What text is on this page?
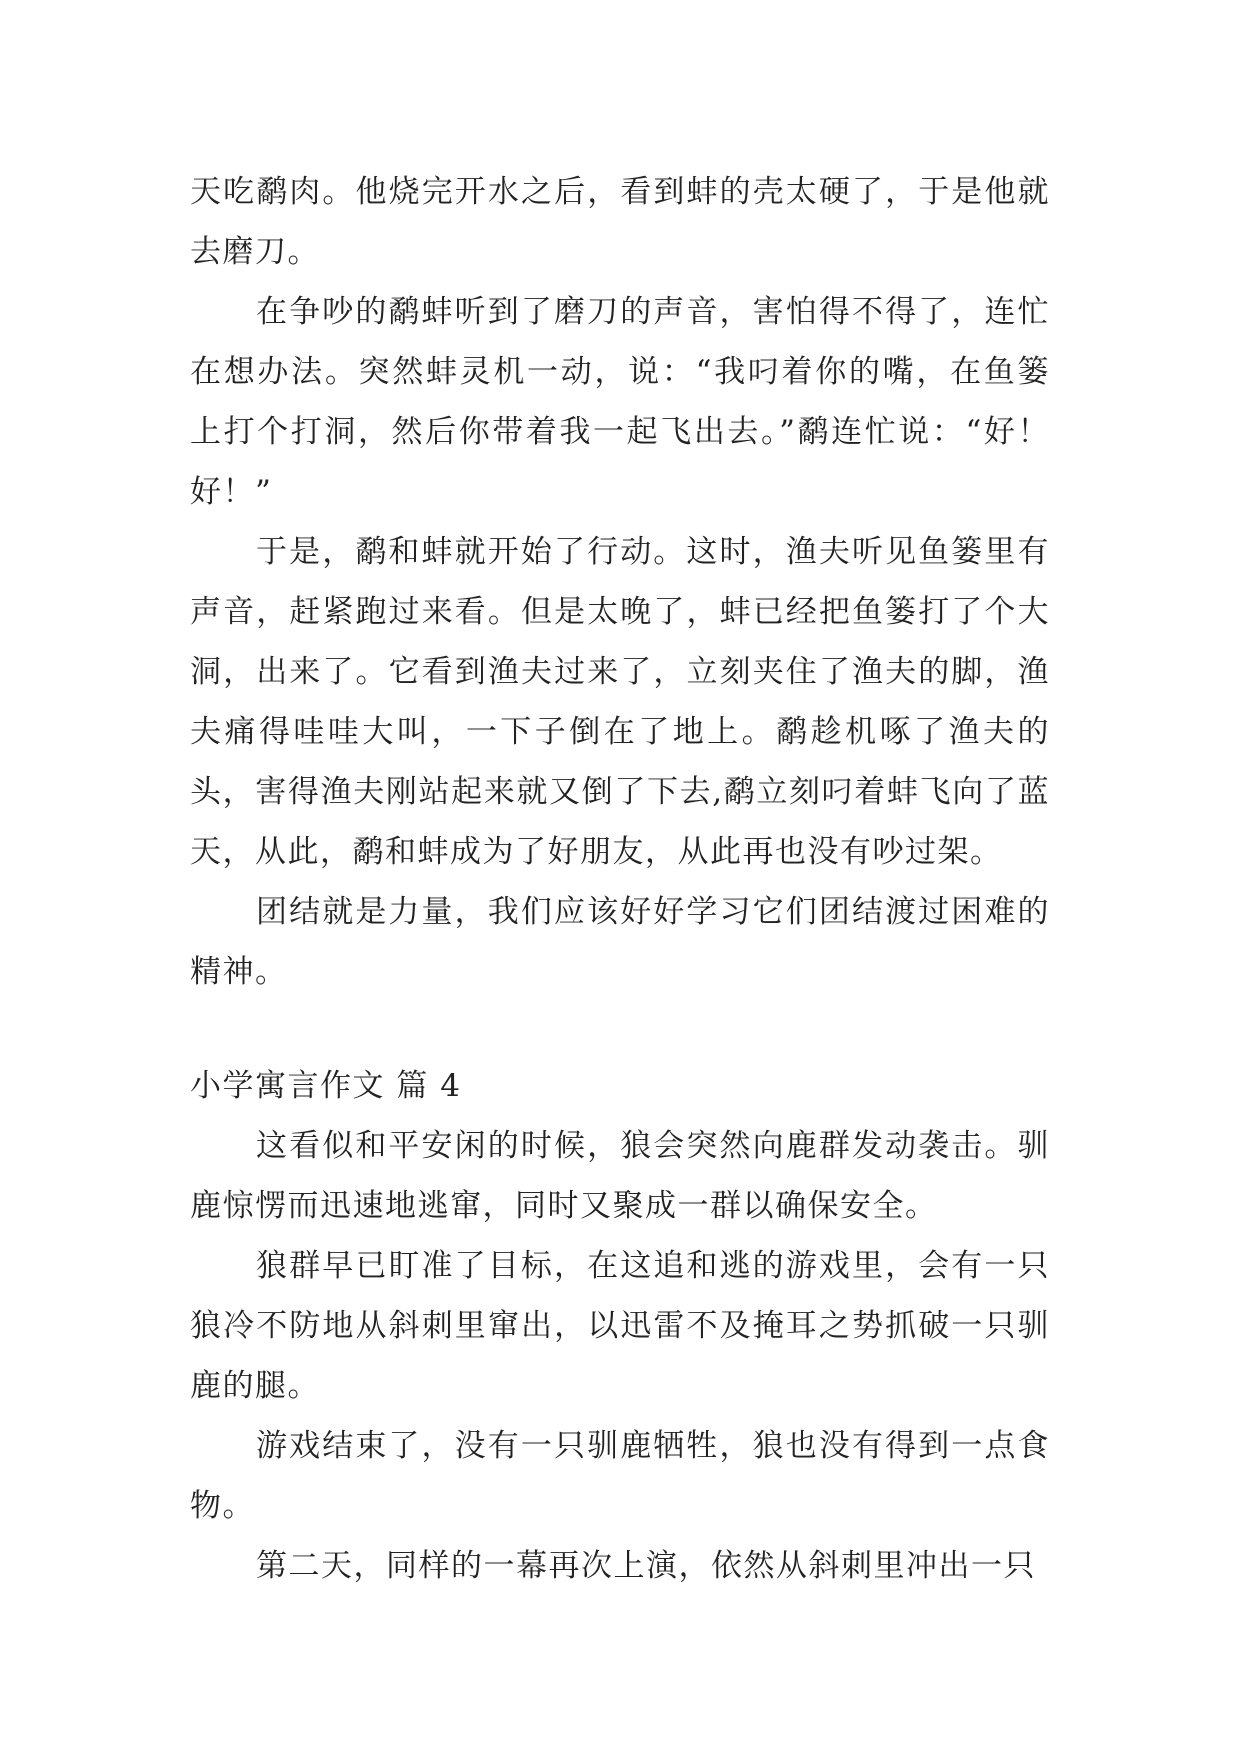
天吃鹬肉。他烧完开水之后，看到蚌的壳太硬了，于是他就去磨刀。

在争吵的鹬蚌听到了磨刀的声音，害怕得不得了，连忙在想办法。突然蚌灵机一动，说：“我叼着你的嘴，在鱼篓上打个打洞，然后你带着我一起飞出去。”鹬连忙说：“好！好！”

于是，鹬和蚌就开始了行动。这时，渔夫听见鱼篓里有声音，赶紧跑过来看。但是太晚了，蚌已经把鱼篓打了个大洞，出来了。它看到渔夫过来了，立刻夹住了渔夫的脚，渔夫痛得哇哇大叫，一下子倒在了地上。鹬趁机啄了渔夫的头，害得渔夫刚站起来就又倒了下去,鹬立刻叼着蚌飞向了蓝天，从此，鹬和蚌成为了好朋友，从此再也没有吵过架。

团结就是力量，我们应该好好学习它们团结渡过困难的精神。

小学寓言作文 篇 4

这看似和平安闲的时候，狼会突然向鹿群发动袭击。驯鹿惊愣而迅速地逃窜，同时又聚成一群以确保安全。

狼群早已盯准了目标，在这追和逃的游戏里，会有一只狼冷不防地从斜刺里窜出，以迅雷不及掩耳之势抓破一只驯鹿的腿。

游戏结束了，没有一只驯鹿牺牲，狼也没有得到一点食物。

第二天，同样的一幕再次上演，依然从斜刺里冲出一只
